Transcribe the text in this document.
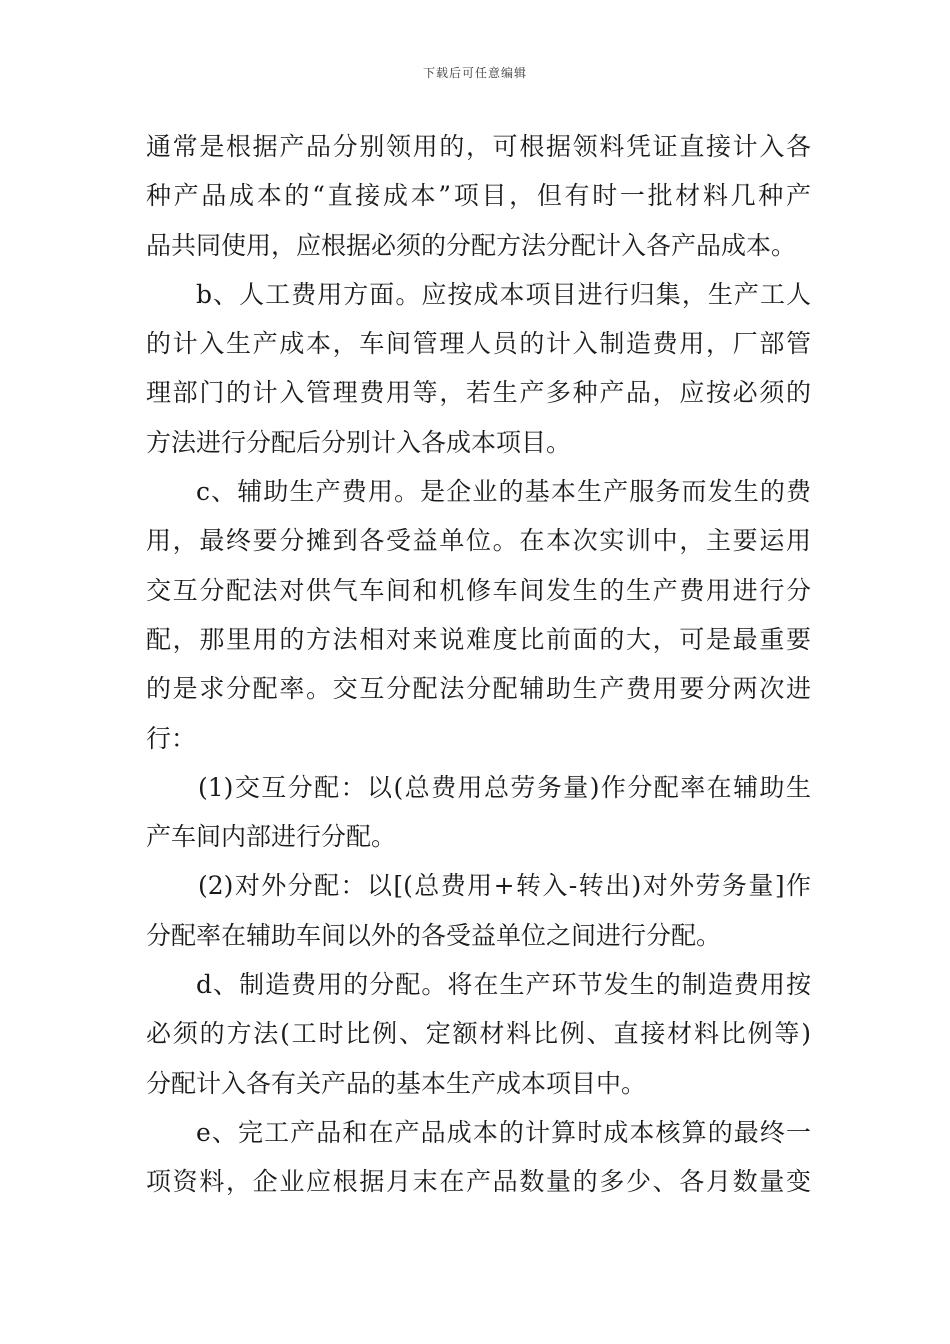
下载后可任意编辑
通常是根据产品分别领用的，可根据领料凭证直接计入各
种产品成本的“直接成本”项目，但有时一批材料几种产
品共同使用，应根据必须的分配方法分配计入各产品成本。
b、人工费用方面。应按成本项目进行归集，生产工人
的计入生产成本，车间管理人员的计入制造费用，厂部管
理部门的计入管理费用等，若生产多种产品，应按必须的
方法进行分配后分别计入各成本项目。
c、辅助生产费用。是企业的基本生产服务而发生的费
用，最终要分摊到各受益单位。在本次实训中，主要运用
交互分配法对供气车间和机修车间发生的生产费用进行分
配，那里用的方法相对来说难度比前面的大，可是最重要
的是求分配率。交互分配法分配辅助生产费用要分两次进
行：
(1)交互分配：以(总费用总劳务量)作分配率在辅助生
产车间内部进行分配。
(2)对外分配：以[(总费用+转入-转出)对外劳务量]作
分配率在辅助车间以外的各受益单位之间进行分配。
d、制造费用的分配。将在生产环节发生的制造费用按
必须的方法(工时比例、定额材料比例、直接材料比例等)
分配计入各有关产品的基本生产成本项目中。
e、完工产品和在产品成本的计算时成本核算的最终一
项资料，企业应根据月末在产品数量的多少、各月数量变
